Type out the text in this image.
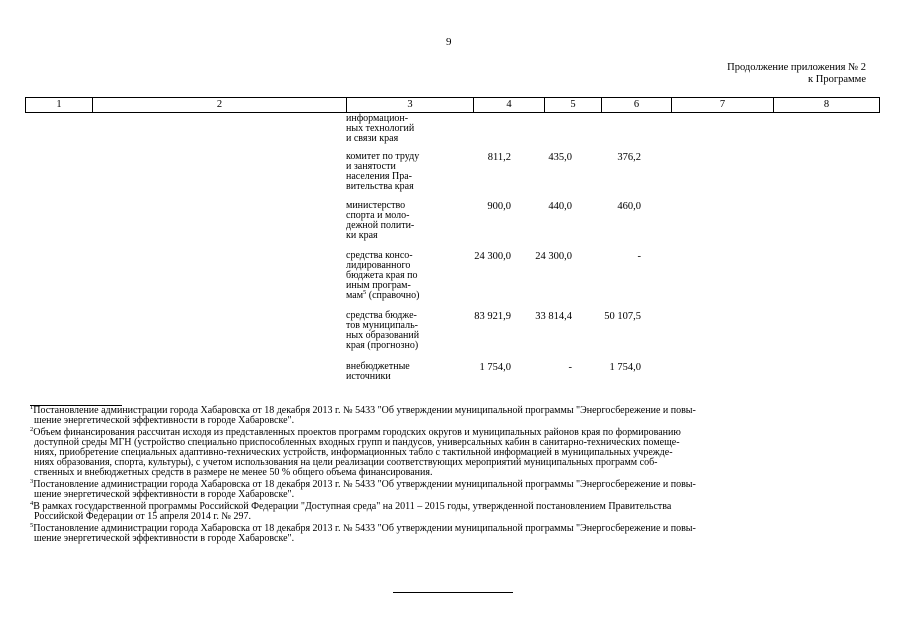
9
Продолжение приложения № 2
к Программе
1	2	3	4	5	6	7	8
информацион-
ных технологий
и связи края
комитет по труду
и занятости
населения Пра-
вительства края
811,2	435,0	376,2
министерство
спорта и моло-
дежной полити-
ки края
900,0	440,0	460,0
средства консо-
лидированного
бюджета края по
иным програм-
мам$^5$ (справочно)
24 300,0	24 300,0	-
средства бюдже-
тов муниципаль-
ных образований
края (прогнозно)
83 921,9	33 814,4	50 107,5
внебюджетные
источники
1 754,0	-	1 754,0
$^1$Постановление администрации города Хабаровска от 18 декабря 2013 г. № 5433 "Об утверждении муниципальной программы "Энергосбережение и повы-
шение энергетической эффективности в городе Хабаровске".
$^2$Объем финансирования рассчитан исходя из представленных проектов программ городских округов и муниципальных районов края по формированию
доступной среды МГН (устройство специально приспособленных входных групп и пандусов, универсальных кабин в санитарно-технических помеще-
ниях, приобретение специальных адаптивно-технических устройств, информационных табло с тактильной информацией в муниципальных учрежде-
ниях образования, спорта, культуры), с учетом использования на цели реализации соответствующих мероприятий муниципальных программ соб-
ственных и внебюджетных средств в размере не менее 50 % общего объема финансирования.
$^3$Постановление администрации города Хабаровска от 18 декабря 2013 г. № 5433 "Об утверждении муниципальной программы "Энергосбережение и повы-
шение энергетической эффективности в городе Хабаровске".
$^4$В рамках государственной программы Российской Федерации "Доступная среда" на 2011 – 2015 годы, утвержденной постановлением Правительства
Российской Федерации от 15 апреля 2014 г. № 297.
$^5$Постановление администрации города Хабаровска от 18 декабря 2013 г. № 5433 "Об утверждении муниципальной программы "Энергосбережение и повы-
шение энергетической эффективности в городе Хабаровске".
